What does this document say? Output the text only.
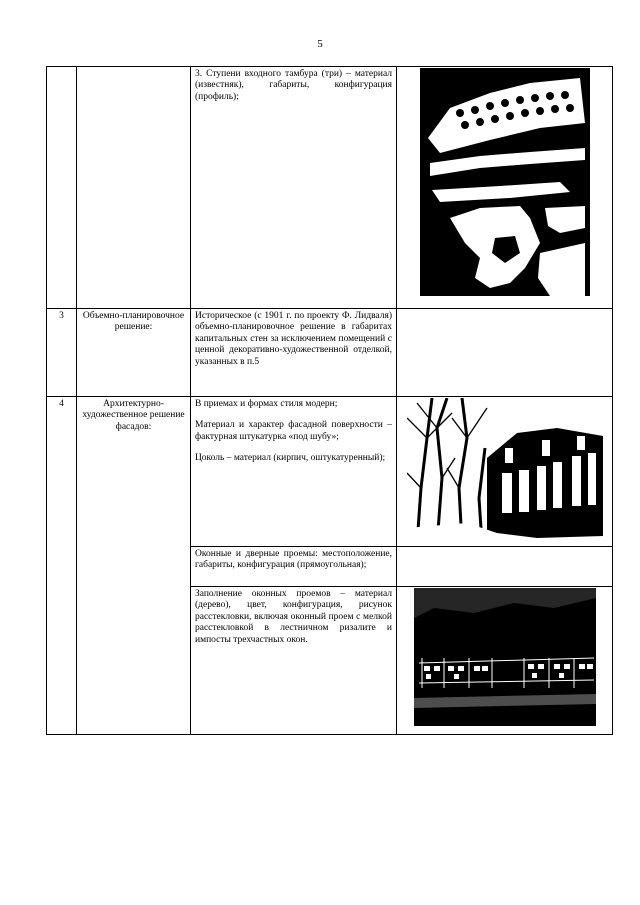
5
		3. Ступени входного тамбура (три) – материал (известняк), габариты, конфигурация (профиль);	

3	Объемно-планировочное решение:	Историческое (с 1901 г. по проекту Ф. Лидваля) объемно-планировочное решение в габаритах капитальных стен за исключением помещений с ценной декоративно-художественной отделкой, указанных в п.5	
4	Архитектурно-художественное решение фасадов:	В приемах и формах стиля модерн;

Материал и характер фасадной поверхности – фактурная штукатурка «под шубу»;

Цоколь – материал (кирпич, оштукатуренный);

		Оконные и дверные проемы: местоположение, габариты, конфигурация (прямоугольная);	
		Заполнение оконных проемов – материал (дерево), цвет, конфигурация, рисунок расстекловки, включая оконный проем с мелкой расстекловкой в лестничном ризалите и импосты трехчастных окон.	
